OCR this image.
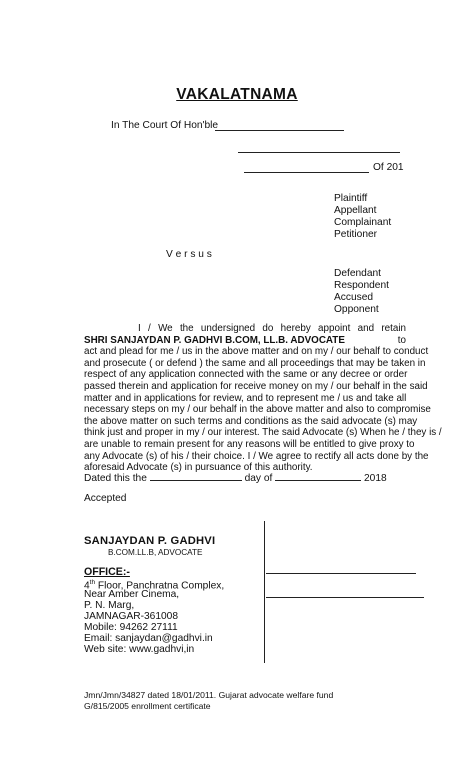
VAKALATNAMA
In The Court Of Hon'ble
Of 201
Plaintiff
Appellant
Complainant
Petitioner
V e r s u s
Defendant
Respondent
Accused
Opponent
I / We the undersigned do hereby appoint and retain
SHRI SANJAYDAN P. GADHVI B.COM, LL.B. ADVOCATE	to
act and plead for me / us in the above matter and on my / our behalf to conduct
and prosecute ( or defend ) the same and all proceedings that may be taken in
respect of any application connected with the same or any decree or order
passed therein and application for receive money on my / our behalf in the said
matter and in applications for review, and to represent me / us and take all
necessary steps on my / our behalf in the above matter and also to compromise
the above matter on such terms and conditions as the said advocate (s) may
think just and proper in my / our interest. The said Advocate (s) When he / they is /
are unable to remain present for any reasons will be entitled to give proxy to
any Advocate (s) of his / their choice. I / We agree to rectify all acts done by the
aforesaid Advocate (s) in pursuance of this authority.
Dated this the	day of	2018
Accepted
SANJAYDAN P. GADHVI
B.COM.LL.B, ADVOCATE
OFFICE:-
4th Floor, Panchratna Complex,
Near Amber Cinema,
P. N. Marg,
JAMNAGAR-361008
Mobile: 94262 27111
Email: sanjaydan@gadhvi.in
Web site: www.gadhvi,in
Jmn/Jmn/34827 dated 18/01/2011. Gujarat advocate welfare fund
G/815/2005 enrollment certificate
